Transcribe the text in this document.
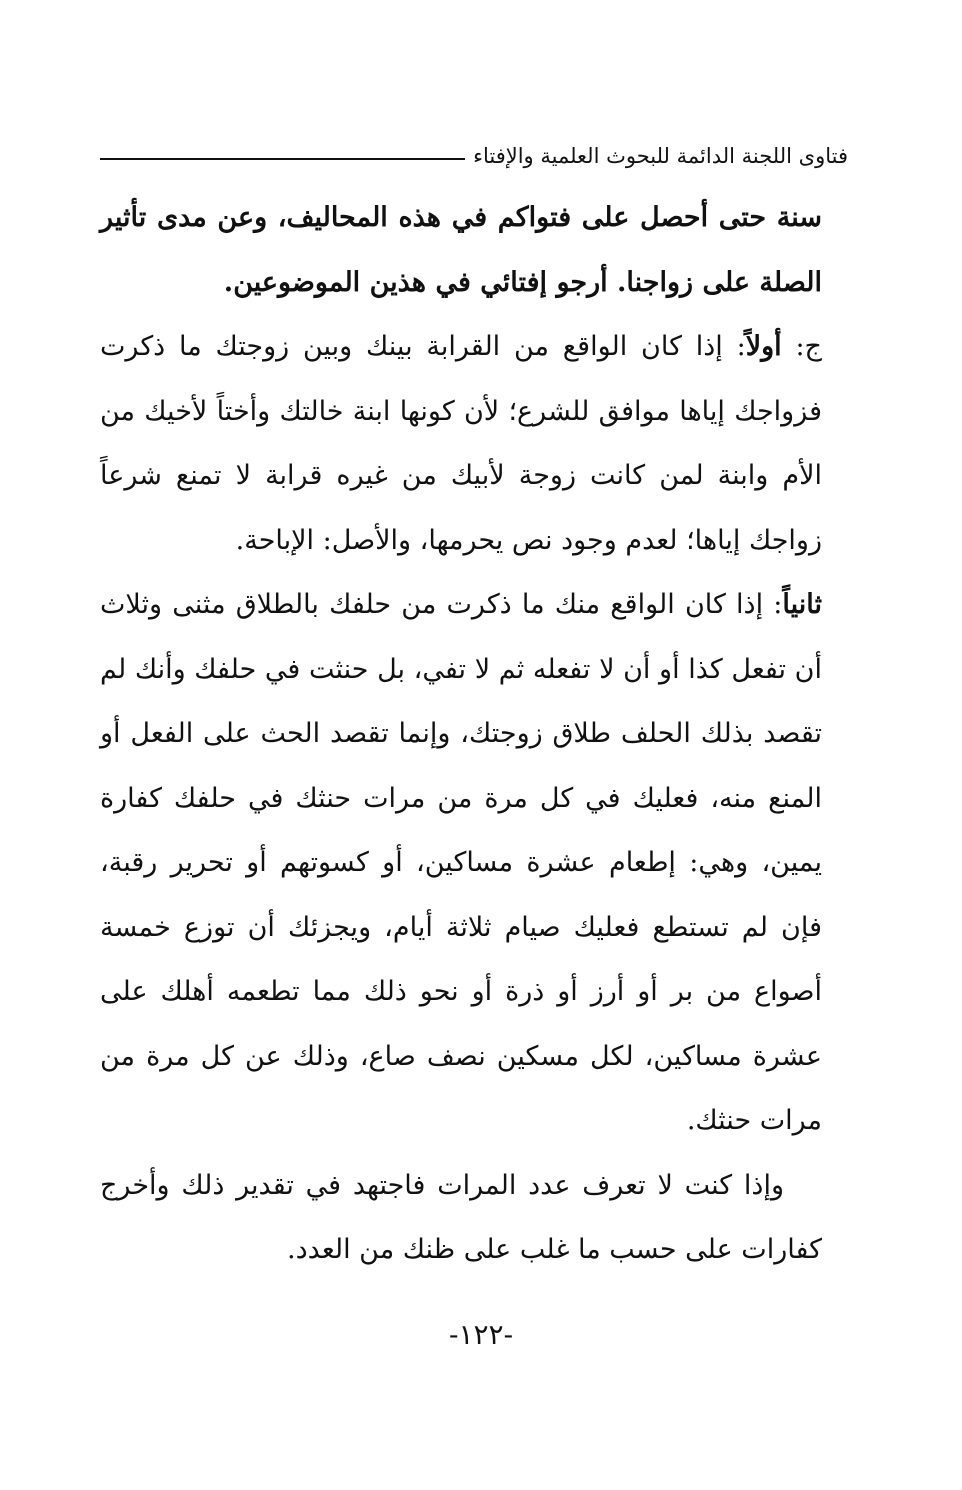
فتاوى اللجنة الدائمة للبحوث العلمية والإفتاء

سنة حتى أحصل على فتواكم في هذه المحاليف، وعن مدى تأثير الصلة على زواجنا. أرجو إفتائي في هذين الموضوعين.

ج: أولاً: إذا كان الواقع من القرابة بينك وبين زوجتك ما ذكرت فزواجك إياها موافق للشرع؛ لأن كونها ابنة خالتك وأختاً لأخيك من الأم وابنة لمن كانت زوجة لأبيك من غيره قرابة لا تمنع شرعاً زواجك إياها؛ لعدم وجود نص يحرمها، والأصل: الإباحة.

ثانياً: إذا كان الواقع منك ما ذكرت من حلفك بالطلاق مثنى وثلاث أن تفعل كذا أو أن لا تفعله ثم لا تفي، بل حنثت في حلفك وأنك لم تقصد بذلك الحلف طلاق زوجتك، وإنما تقصد الحث على الفعل أو المنع منه، فعليك في كل مرة من مرات حنثك في حلفك كفارة يمين، وهي: إطعام عشرة مساكين، أو كسوتهم أو تحرير رقبة، فإن لم تستطع فعليك صيام ثلاثة أيام، ويجزئك أن توزع خمسة أصواع من بر أو أرز أو ذرة أو نحو ذلك مما تطعمه أهلك على عشرة مساكين، لكل مسكين نصف صاع، وذلك عن كل مرة من مرات حنثك.

وإذا كنت لا تعرف عدد المرات فاجتهد في تقدير ذلك وأخرج كفارات على حسب ما غلب على ظنك من العدد.

-١٢٢-
